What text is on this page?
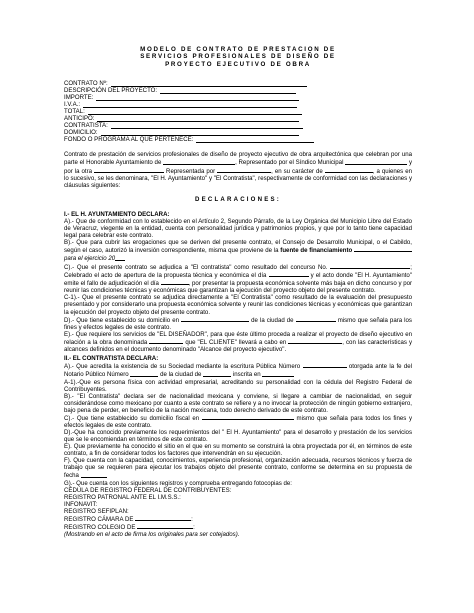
MODELO DE CONTRATO DE PRESTACION DE
SERVICIOS PROFESIONALES DE DISEÑO DE
PROYECTO EJECUTIVO DE OBRA
CONTRATO Nº:
DESCRIPCIÓN DEL PROYECTO:
IMPORTE:
I.V.A.:
TOTAL:
ANTICIPO:
CONTRATISTA:
DOMICILIO:
FONDO O PROGRAMA AL QUE PERTENECE:

Contrato de prestación de servicios profesionales de diseño de proyecto ejecutivo de obra arquitectónica que celebran por una parte el Honorable Ayuntamiento de	, Representado por el Síndico Municipal	y por la otra	Representada por	, en su carácter de	, a quienes en lo sucesivo, se les denominara, "El H. Ayuntamiento" y "El Contratista", respectivamente de conformidad con las declaraciones y cláusulas siguientes:

DECLARACIONES:
I.- EL H. AYUNTAMIENTO DECLARA:

A).- Que de conformidad con lo establecido en el Artículo 2, Segundo Párrafo, de la Ley Orgánica del Municipio Libre del Estado de Veracruz, viegente en la entidad, cuenta con personalidad jurídica y patrimonios propios, y que por lo tanto tiene capacidad legal para celebrar este contrato.

B).- Que para cubrir las erogaciones que se deriven del presente contrato, el Consejo de Desarrollo Municipal, o el Cabildo, según el caso, autorizó la inversión correspondiente, misma que proviene de la fuente de financiamiento  para el ejercicio 20

C).- Que el presente contrato se adjudica a "El contratista" como resultado del concurso No.	; Celebrado el acto de apertura de la propuesta técnica y económica el día	y el acto donde "El H. Ayuntamiento" emite el fallo de adjudicación el día	, por presentar la propuesta económica solvente más baja en dicho concurso y por reunir las condiciones técnicas y económicas que garantizan la ejecución del proyecto objeto del presente contrato.

C-1).- Que el presente contrato se adjudica directamente a "El Contratista" como resultado de la evaluación del presupuesto presentado y por considerarlo una propuesta económica solvente y reunir las condiciones técnicas y económicas que garantizan la ejecución del proyecto objeto del presente contrato.

D).- Que tiene establecido su domicilio en	de la ciudad de	mismo que señala para los fines y efectos legales de este contrato.

E).- Que requiere los servicios de "EL DISEÑADOR", para que éste último proceda a realizar el proyecto de diseño ejecutivo en relación a la obra denominada	que "EL CLIENTE" llevará a cabo en	, con las características y alcances definidos en el documento denominado "Alcance del proyecto ejecutivo".

II.- EL CONTRATISTA DECLARA:

A).- Que acredita la existencia de su Sociedad mediante la escritura Pública Número	otorgada ante la fe del Notario Público Número	de la ciudad de	inscrita en

A-1).-Que es persona física con actividad empresarial, acreditando su personalidad con la cédula del Registro Federal de Contribuyentes.

B).- "El Contratista" declara ser de nacionalidad mexicana y conviene, si llegare a cambiar de nacionalidad, en seguir considerándose como mexicano por cuanto a este contrato se refiere y a no invocar la protección de ningún gobierno extranjero, bajo pena de perder, en beneficio de la nación mexicana, todo derecho derivado de este contrato.

C).- Que tiene establecido su domicilio fiscal en	mismo que señala para todos los fines y efectos legales de este contrato.

D).-Que ha conocido previamente los requerimientos del " El H. Ayuntamiento" para el desarrollo y prestación de los servicios que se le encomiendan en términos de este contrato.

E). Que previamente ha conocido el sitio en el que en su momento se construirá la obra proyectada por él, en términos de este contrato, a fin de considerar todos los factores que intervendrán en su ejecución.

F). Que cuenta con la capacidad, conocimientos, experiencia profesional, organización adecuada, recursos técnicos y fuerza de trabajo que se requieren para ejecutar los trabajos objeto del presente contrato, conforme se determina en su propuesta de fecha

G).- Que cuenta con los siguientes registros y comprueba entregando fotocopias de:

CÉDULA DE REGISTRO FEDERAL DE CONTRIBUYENTES:
REGISTRO PATRONAL ANTE EL I.M.S.S.:
INFONAVIT:
REGISTRO SEFIPLAN:
REGISTRO CÁMARA DE	:
REGISTRO COLEGIO DE	:
(Mostrando en el acto de firma los originales para ser cotejados).
